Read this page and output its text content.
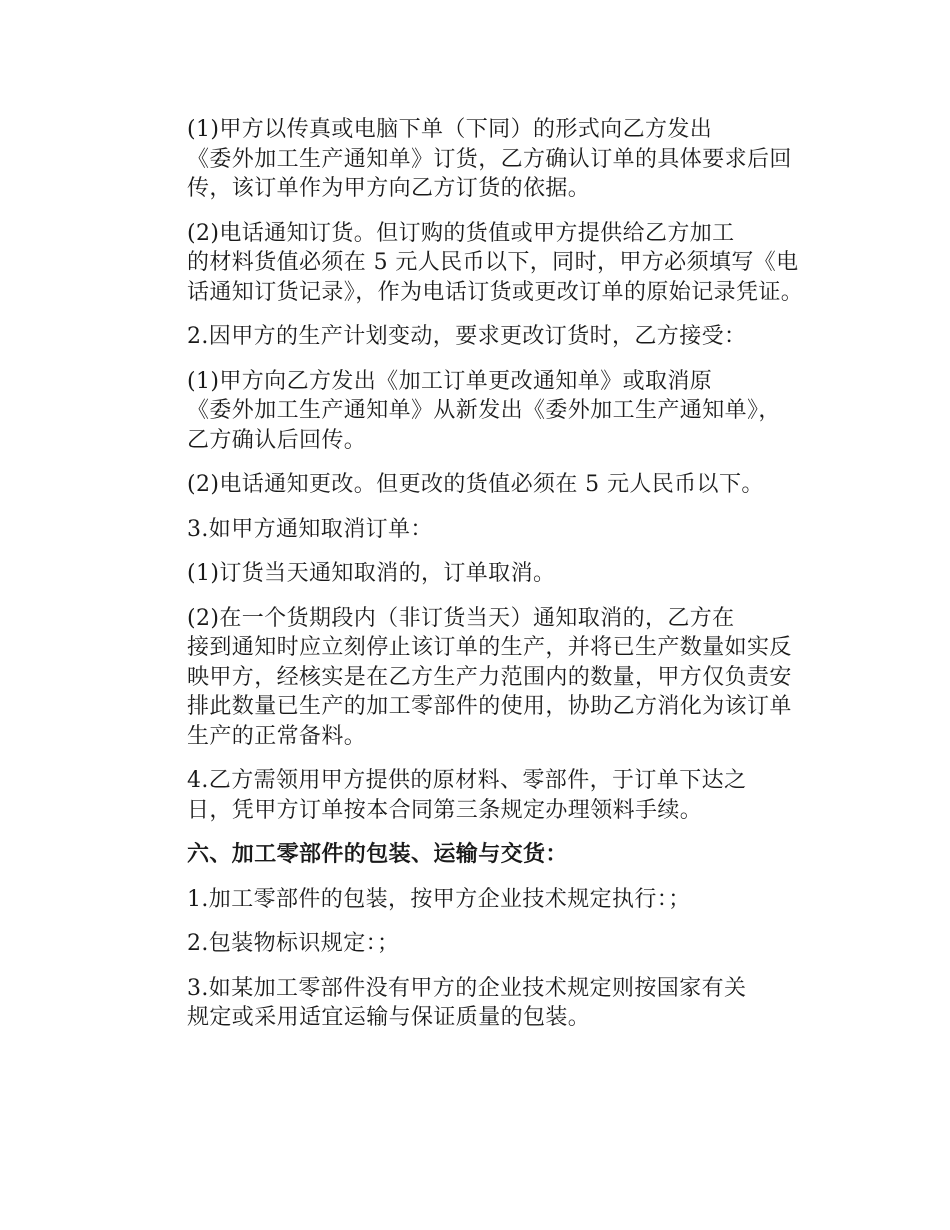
(1)甲方以传真或电脑下单（下同）的形式向乙方发出
《委外加工生产通知单》订货，乙方确认订单的具体要求后回
传，该订单作为甲方向乙方订货的依据。

(2)电话通知订货。但订购的货值或甲方提供给乙方加工
的材料货值必须在 5 元人民币以下，同时，甲方必须填写《电
话通知订货记录》，作为电话订货或更改订单的原始记录凭证。

2.因甲方的生产计划变动，要求更改订货时，乙方接受：

(1)甲方向乙方发出《加工订单更改通知单》或取消原
《委外加工生产通知单》从新发出《委外加工生产通知单》，
乙方确认后回传。

(2)电话通知更改。但更改的货值必须在 5 元人民币以下。

3.如甲方通知取消订单：

(1)订货当天通知取消的，订单取消。

(2)在一个货期段内（非订货当天）通知取消的，乙方在
接到通知时应立刻停止该订单的生产，并将已生产数量如实反
映甲方，经核实是在乙方生产力范围内的数量，甲方仅负责安
排此数量已生产的加工零部件的使用，协助乙方消化为该订单
生产的正常备料。

4.乙方需领用甲方提供的原材料、零部件，于订单下达之
日，凭甲方订单按本合同第三条规定办理领料手续。

六、加工零部件的包装、运输与交货：

1.加工零部件的包装，按甲方企业技术规定执行：；

2.包装物标识规定：；

3.如某加工零部件没有甲方的企业技术规定则按国家有关
规定或采用适宜运输与保证质量的包装。
